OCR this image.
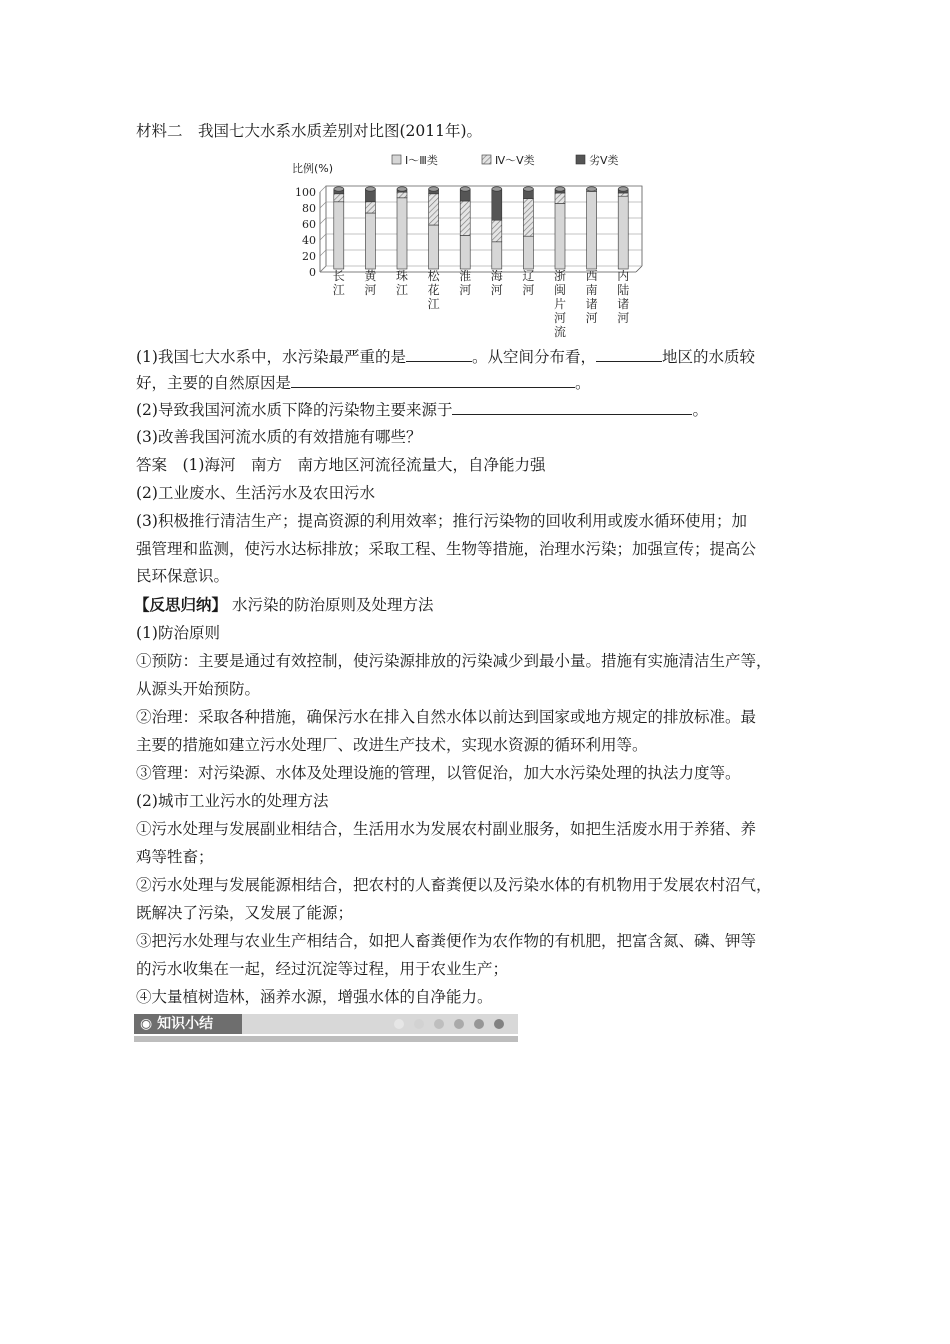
材料二　我国七大水系水质差别对比图(2011年)。
0
20
40
60
80
100
比例(%)
Ⅰ～Ⅲ类	Ⅳ～Ⅴ类	劣Ⅴ类
长
江
黄
河
珠
江
松
花
江
淮
河
海
河
辽
河
浙
闽
片
河
流
西
南
诸
河
内
陆
诸
河
(1)我国七大水系中，水污染最严重的是	。从空间分布看，	地区的水质较
好，主要的自然原因是	。
(2)导致我国河流水质下降的污染物主要来源于	。
(3)改善我国河流水质的有效措施有哪些？
答案　(1)海河　南方　南方地区河流径流量大，自净能力强
(2)工业废水、生活污水及农田污水
(3)积极推行清洁生产；提高资源的利用效率；推行污染物的回收利用或废水循环使用；加
强管理和监测，使污水达标排放；采取工程、生物等措施，治理水污染；加强宣传；提高公
民环保意识。
【反思归纳】 水污染的防治原则及处理方法
(1)防治原则
①预防：主要是通过有效控制，使污染源排放的污染减少到最小量。措施有实施清洁生产等，
从源头开始预防。
②治理：采取各种措施，确保污水在排入自然水体以前达到国家或地方规定的排放标准。最
主要的措施如建立污水处理厂、改进生产技术，实现水资源的循环利用等。
③管理：对污染源、水体及处理设施的管理，以管促治，加大水污染处理的执法力度等。
(2)城市工业污水的处理方法
①污水处理与发展副业相结合，生活用水为发展农村副业服务，如把生活废水用于养猪、养
鸡等牲畜；
②污水处理与发展能源相结合，把农村的人畜粪便以及污染水体的有机物用于发展农村沼气，
既解决了污染，又发展了能源；
③把污水处理与农业生产相结合，如把人畜粪便作为农作物的有机肥，把富含氮、磷、钾等
的污水收集在一起，经过沉淀等过程，用于农业生产；
④大量植树造林，涵养水源，增强水体的自净能力。
◉ 知识小结
